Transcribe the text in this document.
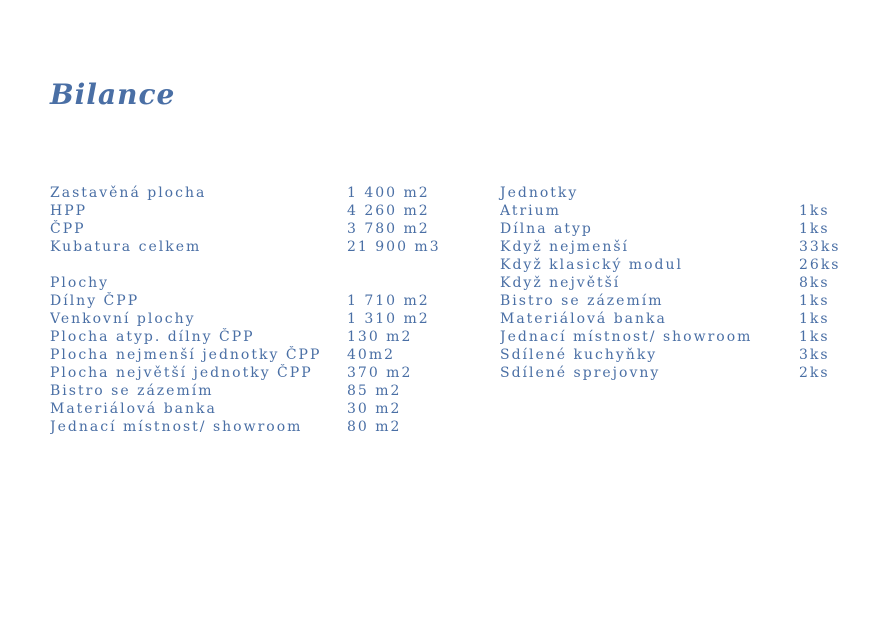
Bilance
Zastavěná plocha	1 400 m2
HPP	4 260 m2
ČPP	3 780 m2
Kubatura celkem	21 900 m3
Plochy
Dílny ČPP	1 710 m2
Venkovní plochy	1 310 m2
Plocha atyp. dílny ČPP	130 m2
Plocha nejmenší jednotky ČPP	40m2
Plocha největší jednotky ČPP	370 m2
Bistro se zázemím	85 m2
Materiálová banka	30 m2
Jednací místnost/ showroom	80 m2
Jednotky
Atrium	1ks
Dílna atyp	1ks
Když nejmenší	33ks
Když klasický modul	26ks
Když největší	8ks
Bistro se zázemím	1ks
Materiálová banka	1ks
Jednací místnost/ showroom	1ks
Sdílené kuchyňky	3ks
Sdílené sprejovny	2ks
